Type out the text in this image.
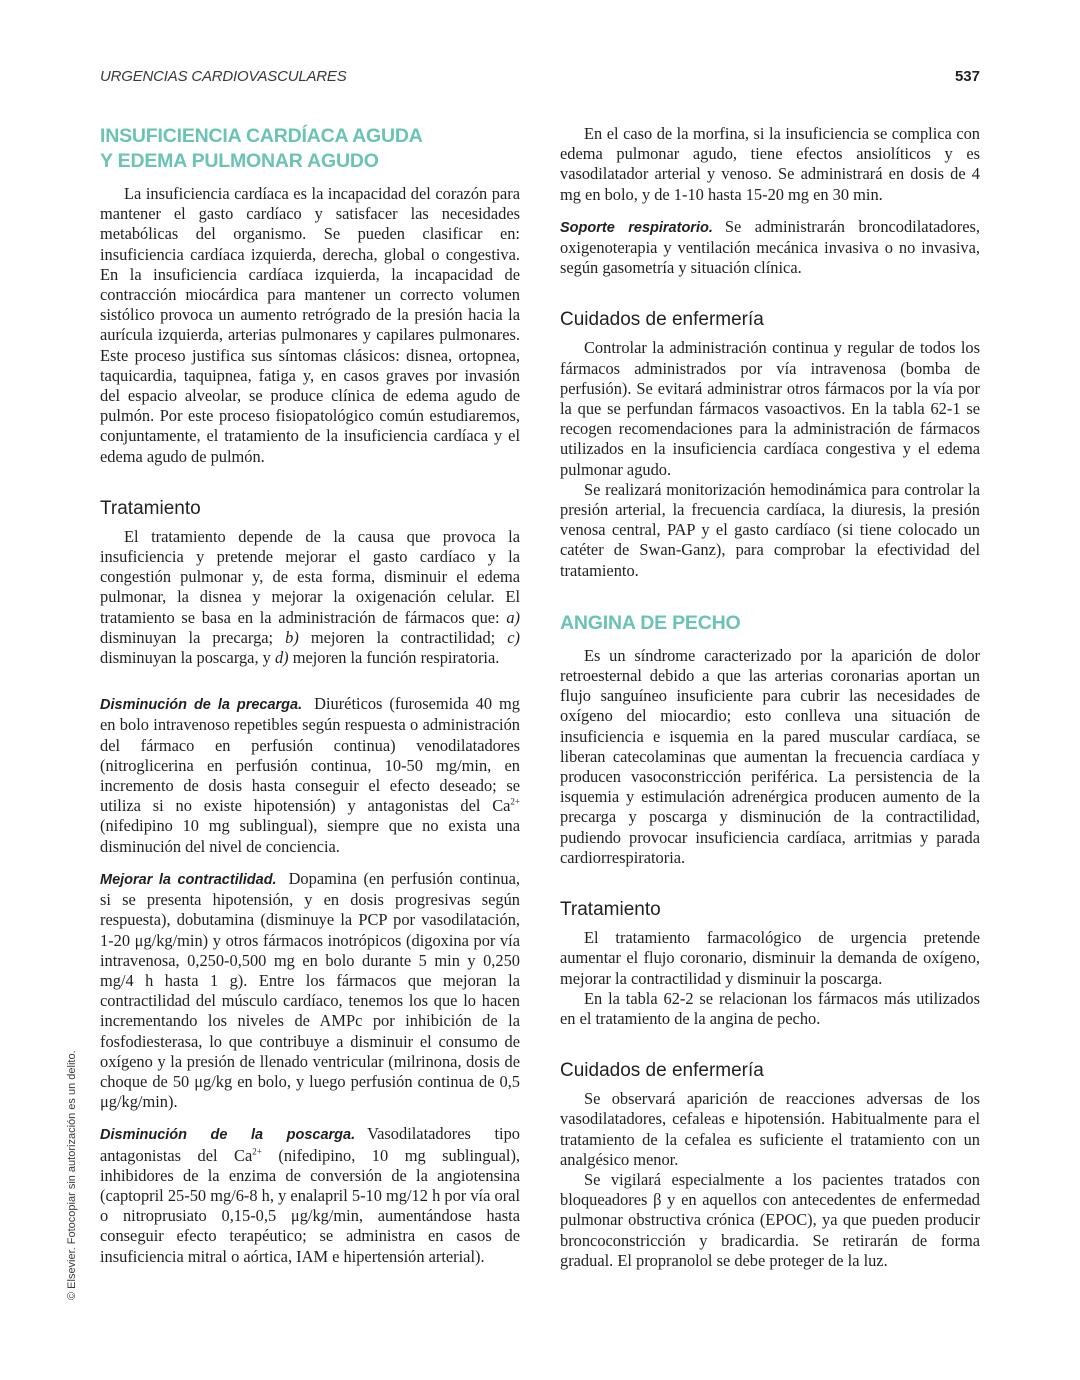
URGENCIAS CARDIOVASCULARES	537
© Elsevier. Fotocopiar sin autorización es un delito.
INSUFICIENCIA CARDÍACA AGUDA
Y EDEMA PULMONAR AGUDO

La insuficiencia cardíaca es la incapacidad del corazón para mantener el gasto cardíaco y satisfacer las necesidades metabólicas del organismo. Se pueden clasificar en: insuficiencia cardíaca izquierda, derecha, global o congestiva. En la insuficiencia cardíaca izquierda, la incapacidad de contracción miocárdica para mantener un correcto volumen sistólico provoca un aumento retrógrado de la presión hacia la aurícula izquierda, arterias pulmonares y capilares pulmonares. Este proceso justifica sus síntomas clásicos: disnea, ortopnea, taquicardia, taquipnea, fatiga y, en casos graves por invasión del espacio alveolar, se produce clínica de edema agudo de pulmón. Por este proceso fisiopatológico común estudiaremos, conjuntamente, el tratamiento de la insuficiencia cardíaca y el edema agudo de pulmón.

Tratamiento

El tratamiento depende de la causa que provoca la insuficiencia y pretende mejorar el gasto cardíaco y la congestión pulmonar y, de esta forma, disminuir el edema pulmonar, la disnea y mejorar la oxigenación celular. El tratamiento se basa en la administración de fármacos que: a) disminuyan la precarga; b) mejoren la contractilidad; c) disminuyan la poscarga, y d) mejoren la función respiratoria.

Disminución de la precarga. Diuréticos (furosemida 40 mg en bolo intravenoso repetibles según respuesta o administración del fármaco en perfusión continua) venodilatadores (nitroglicerina en perfusión continua, 10-50 mg/min, en incremento de dosis hasta conseguir el efecto deseado; se utiliza si no existe hipotensión) y antagonistas del $Ca^{2+}$ (nifedipino 10 mg sublingual), siempre que no exista una disminución del nivel de conciencia.

Mejorar la contractilidad. Dopamina (en perfusión continua, si se presenta hipotensión, y en dosis progresivas según respuesta), dobutamina (disminuye la PCP por vasodilatación, 1-20 μg/kg/min) y otros fármacos inotrópicos (digoxina por vía intravenosa, 0,250-0,500 mg en bolo durante 5 min y 0,250 mg/4 h hasta 1 g). Entre los fármacos que mejoran la contractilidad del músculo cardíaco, tenemos los que lo hacen incrementando los niveles de AMPc por inhibición de la fosfodiesterasa, lo que contribuye a disminuir el consumo de oxígeno y la presión de llenado ventricular (milrinona, dosis de choque de 50 μg/kg en bolo, y luego perfusión continua de 0,5 μg/kg/min).

Disminución de la poscarga. Vasodilatadores tipo antagonistas del $Ca^{2+}$ (nifedipino, 10 mg sublingual), inhibidores de la enzima de conversión de la angiotensina (captopril 25-50 mg/6-8 h, y enalapril 5-10 mg/12 h por vía oral o nitroprusiato 0,15-0,5 μg/kg/min, aumentándose hasta conseguir efecto terapéutico; se administra en casos de insuficiencia mitral o aórtica, IAM e hipertensión arterial).

En el caso de la morfina, si la insuficiencia se complica con edema pulmonar agudo, tiene efectos ansiolíticos y es vasodilatador arterial y venoso. Se administrará en dosis de 4 mg en bolo, y de 1-10 hasta 15-20 mg en 30 min.

Soporte respiratorio. Se administrarán broncodilatadores, oxigenoterapia y ventilación mecánica invasiva o no invasiva, según gasometría y situación clínica.

Cuidados de enfermería

Controlar la administración continua y regular de todos los fármacos administrados por vía intravenosa (bomba de perfusión). Se evitará administrar otros fármacos por la vía por la que se perfundan fármacos vasoactivos. En la tabla 62-1 se recogen recomendaciones para la administración de fármacos utilizados en la insuficiencia cardíaca congestiva y el edema pulmonar agudo.

Se realizará monitorización hemodinámica para controlar la presión arterial, la frecuencia cardíaca, la diuresis, la presión venosa central, PAP y el gasto cardíaco (si tiene colocado un catéter de Swan-Ganz), para comprobar la efectividad del tratamiento.

ANGINA DE PECHO

Es un síndrome caracterizado por la aparición de dolor retroesternal debido a que las arterias coronarias aportan un flujo sanguíneo insuficiente para cubrir las necesidades de oxígeno del miocardio; esto conlleva una situación de insuficiencia e isquemia en la pared muscular cardíaca, se liberan catecolaminas que aumentan la frecuencia cardíaca y producen vasoconstricción periférica. La persistencia de la isquemia y estimulación adrenérgica producen aumento de la precarga y poscarga y disminución de la contractilidad, pudiendo provocar insuficiencia cardíaca, arritmias y parada cardiorrespiratoria.

Tratamiento

El tratamiento farmacológico de urgencia pretende aumentar el flujo coronario, disminuir la demanda de oxígeno, mejorar la contractilidad y disminuir la poscarga.

En la tabla 62-2 se relacionan los fármacos más utilizados en el tratamiento de la angina de pecho.

Cuidados de enfermería

Se observará aparición de reacciones adversas de los vasodilatadores, cefaleas e hipotensión. Habitualmente para el tratamiento de la cefalea es suficiente el tratamiento con un analgésico menor.

Se vigilará especialmente a los pacientes tratados con bloqueadores β y en aquellos con antecedentes de enfermedad pulmonar obstructiva crónica (EPOC), ya que pueden producir broncoconstricción y bradicardia. Se retirarán de forma gradual. El propranolol se debe proteger de la luz.
